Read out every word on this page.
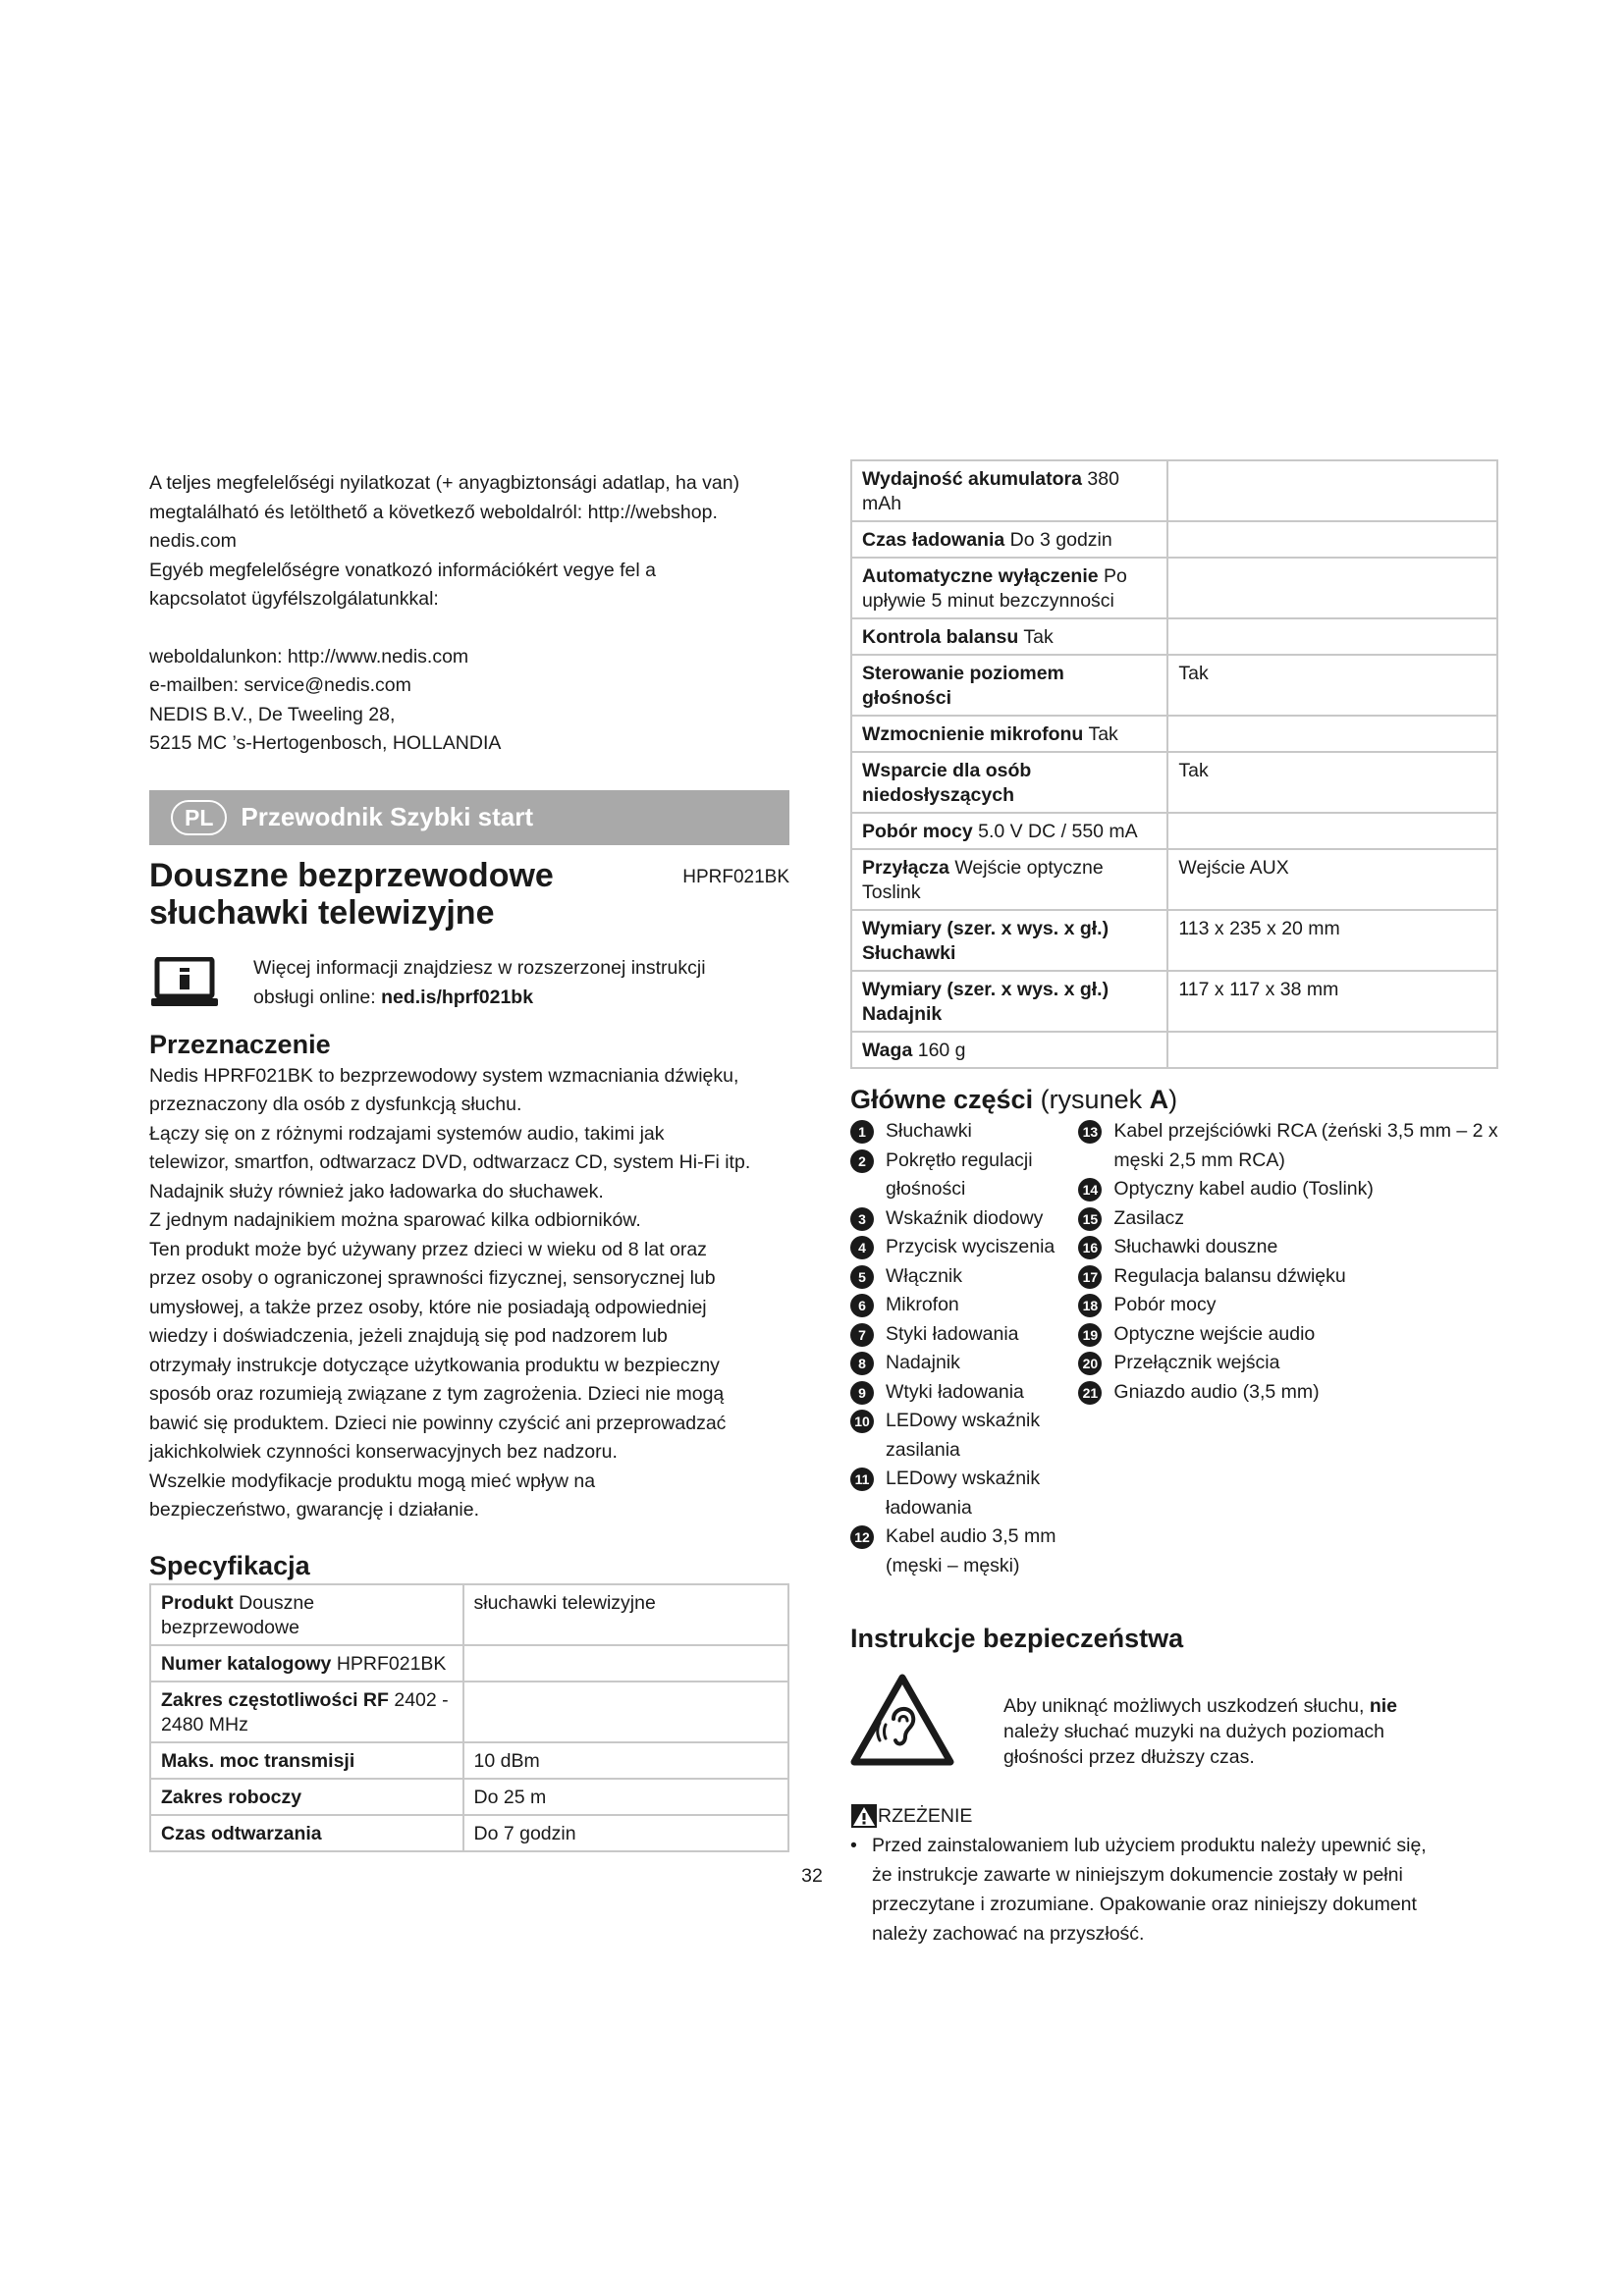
A teljes megfelelőségi nyilatkozat (+ anyagbiztonsági adatlap, ha van)

megtalálható és letölthető a következő weboldalról: http://webshop.

nedis.com

Egyéb megfelelőségre vonatkozó információkért vegye fel a

kapcsolatot ügyfélszolgálatunkkal:

weboldalunkon: http://www.nedis.com

e-mailben: service@nedis.com

NEDIS B.V., De Tweeling 28,

5215 MC ’s-Hertogenbosch, HOLLANDIA

PL	Przewodnik Szybki start
Douszne bezprzewodowe
słuchawki telewizyjne
HPRF021BK
Więcej informacji znajdziesz w rozszerzonej instrukcji
obsługi online: ned.is/hprf021bk
Przeznaczenie

Nedis HPRF021BK to bezprzewodowy system wzmacniania dźwięku,

przeznaczony dla osób z dysfunkcją słuchu.

Łączy się on z różnymi rodzajami systemów audio, takimi jak

telewizor, smartfon, odtwarzacz DVD, odtwarzacz CD, system Hi-Fi itp.

Nadajnik służy również jako ładowarka do słuchawek.

Z jednym nadajnikiem można sparować kilka odbiorników.

Ten produkt może być używany przez dzieci w wieku od 8 lat oraz

przez osoby o ograniczonej sprawności fizycznej, sensorycznej lub

umysłowej, a także przez osoby, które nie posiadają odpowiedniej

wiedzy i doświadczenia, jeżeli znajdują się pod nadzorem lub

otrzymały instrukcje dotyczące użytkowania produktu w bezpieczny

sposób oraz rozumieją związane z tym zagrożenia. Dzieci nie mogą

bawić się produktem. Dzieci nie powinny czyścić ani przeprowadzać

jakichkolwiek czynności konserwacyjnych bez nadzoru.

Wszelkie modyfikacje produktu mogą mieć wpływ na

bezpieczeństwo, gwarancję i działanie.

Specyfikacja
Produkt Douszne bezprzewodowe	słuchawki telewizyjne
Numer katalogowy HPRF021BK	
Zakres częstotliwości RF 2402 - 2480 MHz	
Maks. moc transmisji	10 dBm
Zakres roboczy	Do 25 m
Czas odtwarzania	Do 7 godzin
Wydajność akumulatora 380 mAh	
Czas ładowania Do 3 godzin	
Automatyczne wyłączenie Po upływie 5 minut bezczynności	
Kontrola balansu Tak	
Sterowanie poziomem głośności	Tak
Wzmocnienie mikrofonu Tak	
Wsparcie dla osób niedosłyszących	Tak
Pobór mocy 5.0 V DC / 550 mA	
Przyłącza Wejście optyczne Toslink	Wejście AUX
Wymiary (szer. x wys. x gł.) Słuchawki	113 x 235 x 20 mm
Wymiary (szer. x wys. x gł.) Nadajnik	117 x 117 x 38 mm
Waga 160 g	
Główne części (rysunek A)
1	Słuchawki
2	Pokrętło regulacji głośności
3	Wskaźnik diodowy
4	Przycisk wyciszenia
5	Włącznik
6	Mikrofon
7	Styki ładowania
8	Nadajnik
9	Wtyki ładowania
10 LEDowy wskaźnik zasilania
11 LEDowy wskaźnik ładowania
12 Kabel audio 3,5 mm (męski – męski)
13 Kabel przejściówki RCA (żeński 3,5 mm – 2 x męski 2,5 mm RCA)
14 Optyczny kabel audio (Toslink)
15 Zasilacz
16 Słuchawki douszne
17 Regulacja balansu dźwięku
18 Pobór mocy
19 Optyczne wejście audio
20 Przełącznik wejścia
21 Gniazdo audio (3,5 mm)
Instrukcje bezpieczeństwa
Aby uniknąć możliwych uszkodzeń słuchu, nie
należy słuchać muzyki na dużych poziomach
głośności przez dłuższy czas.
RZEŻENIE
• Przed zainstalowaniem lub użyciem produktu należy upewnić się,
że instrukcje zawarte w niniejszym dokumencie zostały w pełni
przeczytane i zrozumiane. Opakowanie oraz niniejszy dokument
należy zachować na przyszłość.
32
